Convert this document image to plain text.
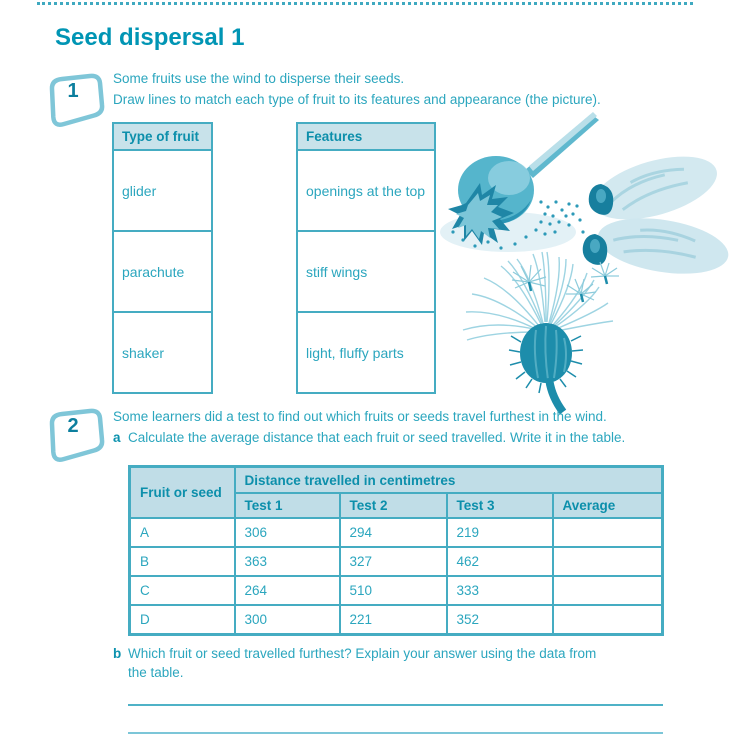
Seed dispersal 1
1
Some fruits use the wind to disperse their seeds.
Draw lines to match each type of fruit to its features and appearance (the picture).
Type of fruit
glider
parachute
shaker
Features
openings at the top
stiff wings
light, fluffy parts
2	Some learners did a test to find out which fruits or seeds travel furthest in the wind.
a Calculate the average distance that each fruit or seed travelled. Write it in the table.
Fruit or seed	Distance travelled in centimetres			
	Test 1	Test 2	Test 3	Average
A	306	294	219	
B	363	327	462	
C	264	510	333	
D	300	221	352	
b Which fruit or seed travelled furthest? Explain your answer using the data from
the table.
